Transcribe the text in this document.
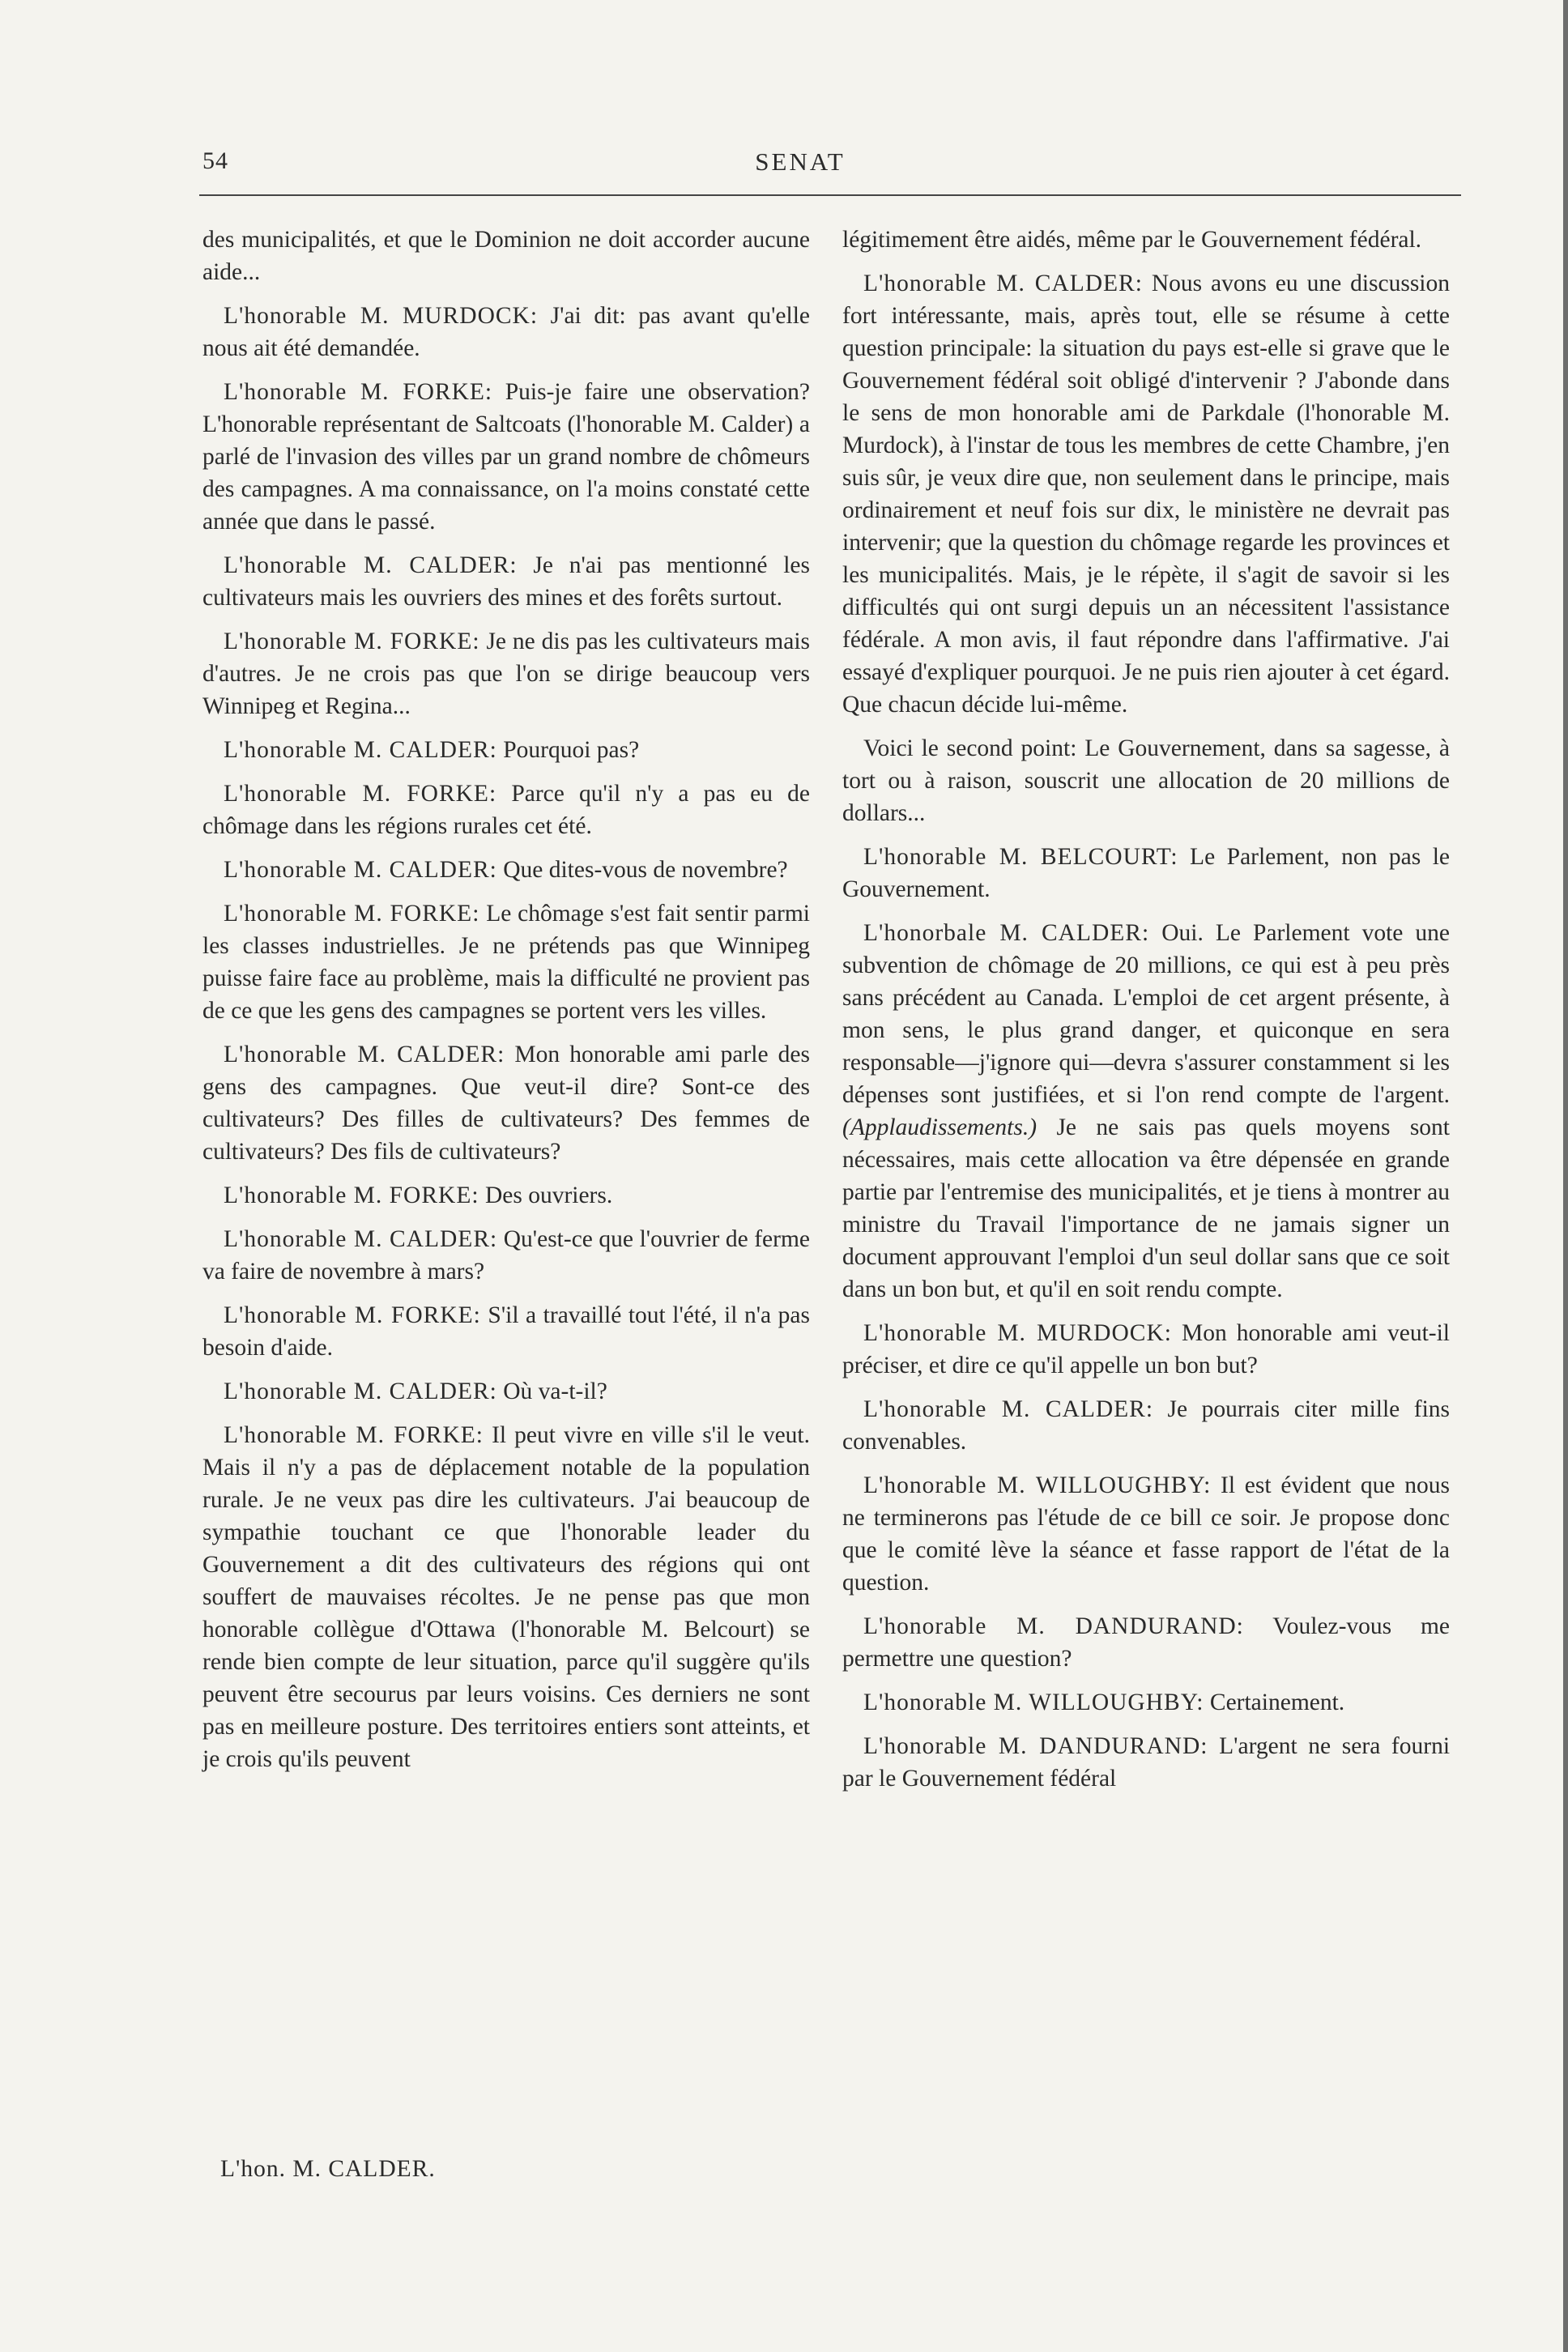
54	SENAT

des municipalités, et que le Dominion ne doit accorder aucune aide...

L'honorable M. MURDOCK: J'ai dit: pas avant qu'elle nous ait été demandée.

L'honorable M. FORKE: Puis-je faire une observation? L'honorable représentant de Saltcoats (l'honorable M. Calder) a parlé de l'invasion des villes par un grand nombre de chômeurs des campagnes. A ma connaissance, on l'a moins constaté cette année que dans le passé.

L'honorable M. CALDER: Je n'ai pas mentionné les cultivateurs mais les ouvriers des mines et des forêts surtout.

L'honorable M. FORKE: Je ne dis pas les cultivateurs mais d'autres. Je ne crois pas que l'on se dirige beaucoup vers Winnipeg et Regina...

L'honorable M. CALDER: Pourquoi pas?

L'honorable M. FORKE: Parce qu'il n'y a pas eu de chômage dans les régions rurales cet été.

L'honorable M. CALDER: Que dites-vous de novembre?

L'honorable M. FORKE: Le chômage s'est fait sentir parmi les classes industrielles. Je ne prétends pas que Winnipeg puisse faire face au problème, mais la difficulté ne provient pas de ce que les gens des campagnes se portent vers les villes.

L'honorable M. CALDER: Mon honorable ami parle des gens des campagnes. Que veut-il dire? Sont-ce des cultivateurs? Des filles de cultivateurs? Des femmes de cultivateurs? Des fils de cultivateurs?

L'honorable M. FORKE: Des ouvriers.

L'honorable M. CALDER: Qu'est-ce que l'ouvrier de ferme va faire de novembre à mars?

L'honorable M. FORKE: S'il a travaillé tout l'été, il n'a pas besoin d'aide.

L'honorable M. CALDER: Où va-t-il?

L'honorable M. FORKE: Il peut vivre en ville s'il le veut. Mais il n'y a pas de déplacement notable de la population rurale. Je ne veux pas dire les cultivateurs. J'ai beaucoup de sympathie touchant ce que l'honorable leader du Gouvernement a dit des cultivateurs des régions qui ont souffert de mauvaises récoltes. Je ne pense pas que mon honorable collègue d'Ottawa (l'honorable M. Belcourt) se rende bien compte de leur situation, parce qu'il suggère qu'ils peuvent être secourus par leurs voisins. Ces derniers ne sont pas en meilleure posture. Des territoires entiers sont atteints, et je crois qu'ils peuvent

L'hon. M. CALDER.

légitimement être aidés, même par le Gouvernement fédéral.

L'honorable M. CALDER: Nous avons eu une discussion fort intéressante, mais, après tout, elle se résume à cette question principale: la situation du pays est-elle si grave que le Gouvernement fédéral soit obligé d'intervenir ? J'abonde dans le sens de mon honorable ami de Parkdale (l'honorable M. Murdock), à l'instar de tous les membres de cette Chambre, j'en suis sûr, je veux dire que, non seulement dans le principe, mais ordinairement et neuf fois sur dix, le ministère ne devrait pas intervenir; que la question du chômage regarde les provinces et les municipalités. Mais, je le répète, il s'agit de savoir si les difficultés qui ont surgi depuis un an nécessitent l'assistance fédérale. A mon avis, il faut répondre dans l'affirmative. J'ai essayé d'expliquer pourquoi. Je ne puis rien ajouter à cet égard. Que chacun décide lui-même.

Voici le second point: Le Gouvernement, dans sa sagesse, à tort ou à raison, souscrit une allocation de 20 millions de dollars...

L'honorable M. BELCOURT: Le Parlement, non pas le Gouvernement.

L'honorbale M. CALDER: Oui. Le Parlement vote une subvention de chômage de 20 millions, ce qui est à peu près sans précédent au Canada. L'emploi de cet argent présente, à mon sens, le plus grand danger, et quiconque en sera responsable—j'ignore qui—devra s'assurer constamment si les dépenses sont justifiées, et si l'on rend compte de l'argent. (Applaudissements.) Je ne sais pas quels moyens sont nécessaires, mais cette allocation va être dépensée en grande partie par l'entremise des municipalités, et je tiens à montrer au ministre du Travail l'importance de ne jamais signer un document approuvant l'emploi d'un seul dollar sans que ce soit dans un bon but, et qu'il en soit rendu compte.

L'honorable M. MURDOCK: Mon honorable ami veut-il préciser, et dire ce qu'il appelle un bon but?

L'honorable M. CALDER: Je pourrais citer mille fins convenables.

L'honorable M. WILLOUGHBY: Il est évident que nous ne terminerons pas l'étude de ce bill ce soir. Je propose donc que le comité lève la séance et fasse rapport de l'état de la question.

L'honorable M. DANDURAND: Voulez-vous me permettre une question?

L'honorable M. WILLOUGHBY: Certainement.

L'honorable M. DANDURAND: L'argent ne sera fourni par le Gouvernement fédéral
